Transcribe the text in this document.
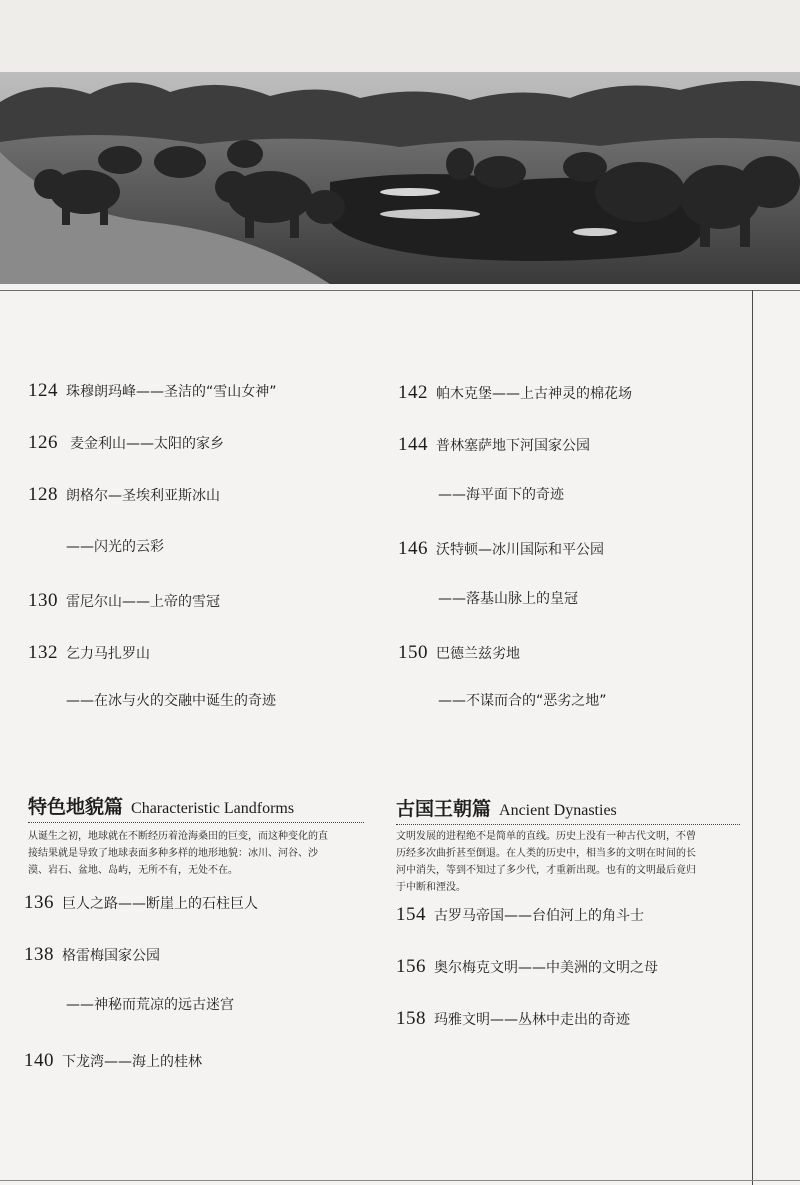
124 珠穆朗玛峰——圣洁的“雪山女神”
126 麦金利山——太阳的家乡
128 朗格尔—圣埃利亚斯冰山
——闪光的云彩
130 雷尼尔山——上帝的雪冠
132 乞力马扎罗山
——在冰与火的交融中诞生的奇迹
142 帕木克堡——上古神灵的棉花场
144 普林塞萨地下河国家公园
——海平面下的奇迹
146 沃特顿—冰川国际和平公园
——落基山脉上的皇冠
150 巴德兰兹劣地
——不谋而合的“恶劣之地”
特色地貌篇 Characteristic Landforms
从诞生之初，地球就在不断经历着沧海桑田的巨变，而这种变化的直
接结果就是导致了地球表面多种多样的地形地貌：冰川、河谷、沙
漠、岩石、盆地、岛屿，无所不有，无处不在。
136 巨人之路——断崖上的石柱巨人
138 格雷梅国家公园
——神秘而荒凉的远古迷宫
140 下龙湾——海上的桂林
古国王朝篇 Ancient Dynasties
文明发展的进程绝不是简单的直线。历史上没有一种古代文明，不曾
历经多次曲折甚至倒退。在人类的历史中，相当多的文明在时间的长
河中消失，等到不知过了多少代，才重新出现。也有的文明最后竟归
于中断和湮没。
154 古罗马帝国——台伯河上的角斗士
156 奥尔梅克文明——中美洲的文明之母
158 玛雅文明——丛林中走出的奇迹
